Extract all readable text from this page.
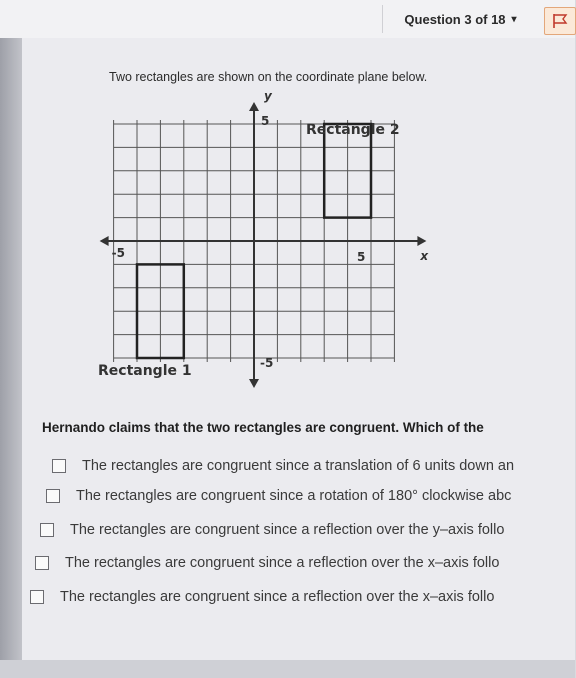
Question 3 of 18 ▾
Two rectangles are shown on the coordinate plane below.
y
x
5
-5
-5	5
Rectangle 2
Rectangle 1
Hernando claims that the two rectangles are congruent. Which of the
The rectangles are congruent since a translation of 6 units down an
The rectangles are congruent since a rotation of 180° clockwise abc
The rectangles are congruent since a reflection over the y–axis follo
The rectangles are congruent since a reflection over the x–axis follo
The rectangles are congruent since a reflection over the x–axis follo
